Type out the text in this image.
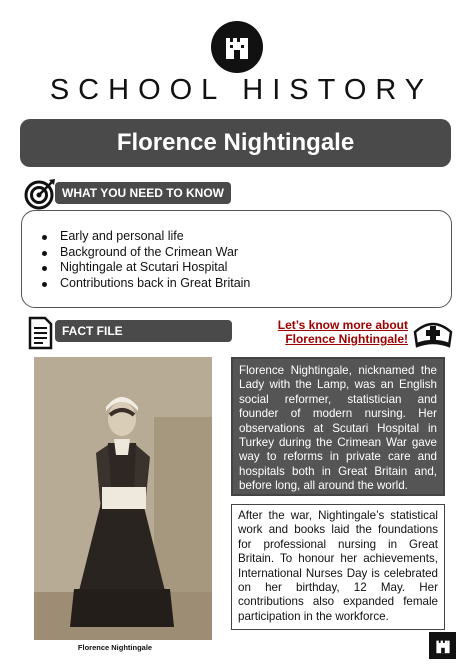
SCHOOL HISTORY
Florence Nightingale
WHAT YOU NEED TO KNOW
Early and personal life
Background of the Crimean War
Nightingale at Scutari Hospital
Contributions back in Great Britain
FACT FILE	Let’s know more about
Florence Nightingale!
Florence Nightingale
Florence Nightingale, nicknamed the Lady with the Lamp, was an English social reformer, statistician and founder of modern nursing. Her observations at Scutari Hospital in Turkey during the Crimean War gave way to reforms in private care and hospitals both in Great Britain and, before long, all around the world.
After the war, Nightingale’s statistical work and books laid the foundations for professional nursing in Great Britain. To honour her achievements, International Nurses Day is celebrated on her birthday, 12 May. Her contributions also expanded female participation in the workforce.
